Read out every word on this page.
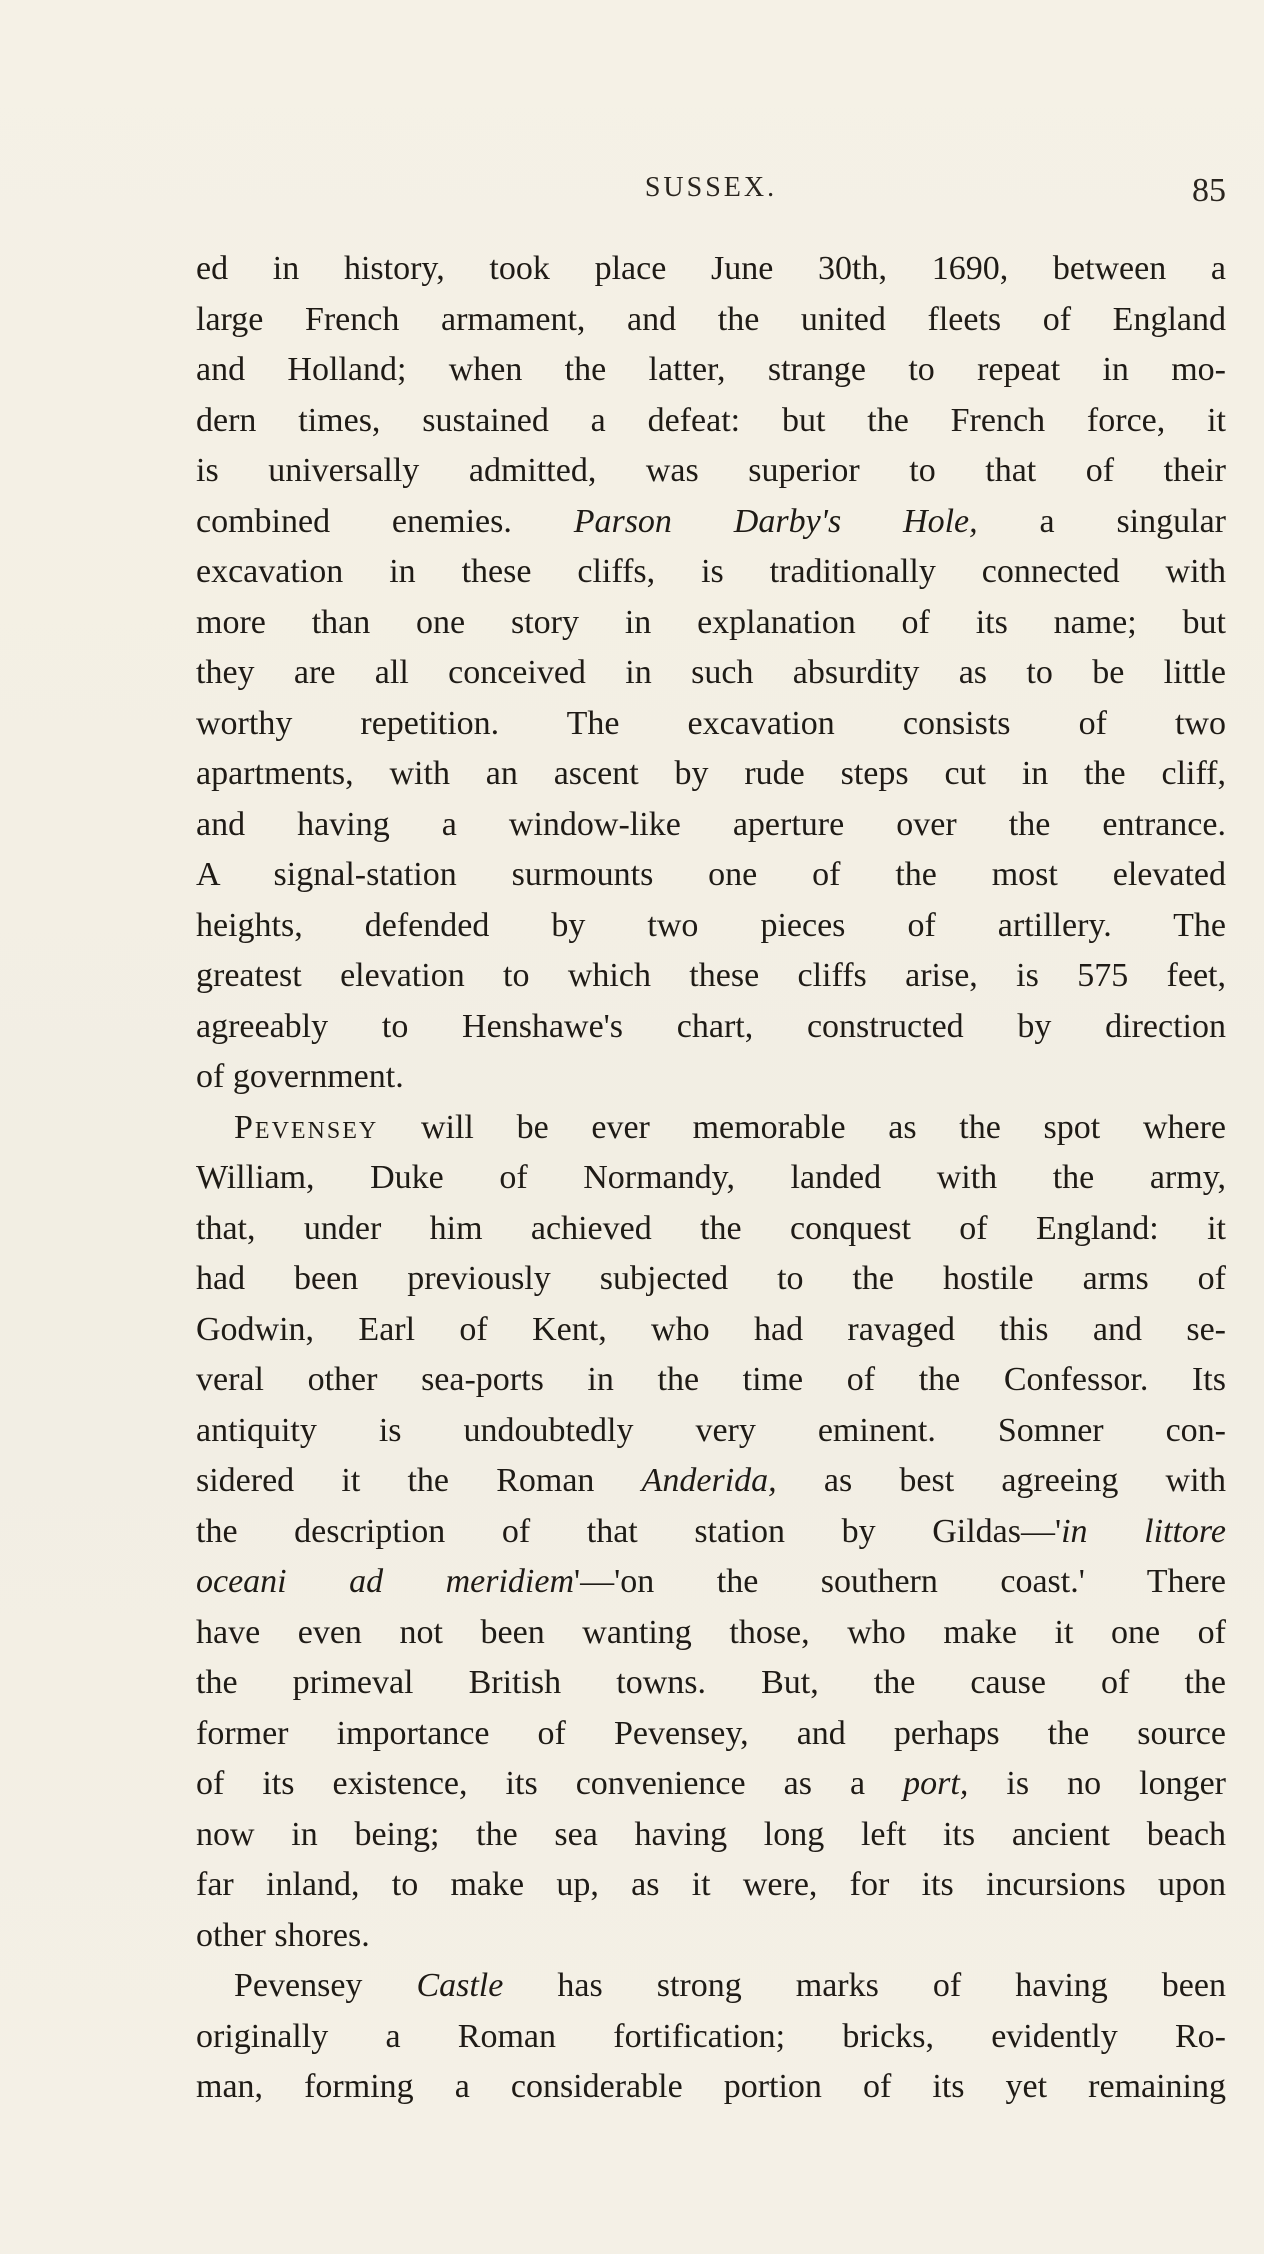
SUSSEX.	85
ed in history, took place June 30th, 1690, between a
large French armament, and the united fleets of England
and Holland; when the latter, strange to repeat in mo-
dern times, sustained a defeat: but the French force, it
is universally admitted, was superior to that of their
combined enemies. Parson Darby's Hole, a singular
excavation in these cliffs, is traditionally connected with
more than one story in explanation of its name; but
they are all conceived in such absurdity as to be little
worthy repetition. The excavation consists of two
apartments, with an ascent by rude steps cut in the cliff,
and having a window-like aperture over the entrance.
A signal-station surmounts one of the most elevated
heights, defended by two pieces of artillery. The
greatest elevation to which these cliffs arise, is 575 feet,
agreeably to Henshawe's chart, constructed by direction
of government.
Pevensey will be ever memorable as the spot where
William, Duke of Normandy, landed with the army,
that, under him achieved the conquest of England: it
had been previously subjected to the hostile arms of
Godwin, Earl of Kent, who had ravaged this and se-
veral other sea-ports in the time of the Confessor. Its
antiquity is undoubtedly very eminent. Somner con-
sidered it the Roman Anderida, as best agreeing with
the description of that station by Gildas—'in littore
oceani ad meridiem'—'on the southern coast.' There
have even not been wanting those, who make it one of
the primeval British towns. But, the cause of the
former importance of Pevensey, and perhaps the source
of its existence, its convenience as a port, is no longer
now in being; the sea having long left its ancient beach
far inland, to make up, as it were, for its incursions upon
other shores.
Pevensey Castle has strong marks of having been
originally a Roman fortification; bricks, evidently Ro-
man, forming a considerable portion of its yet remaining
